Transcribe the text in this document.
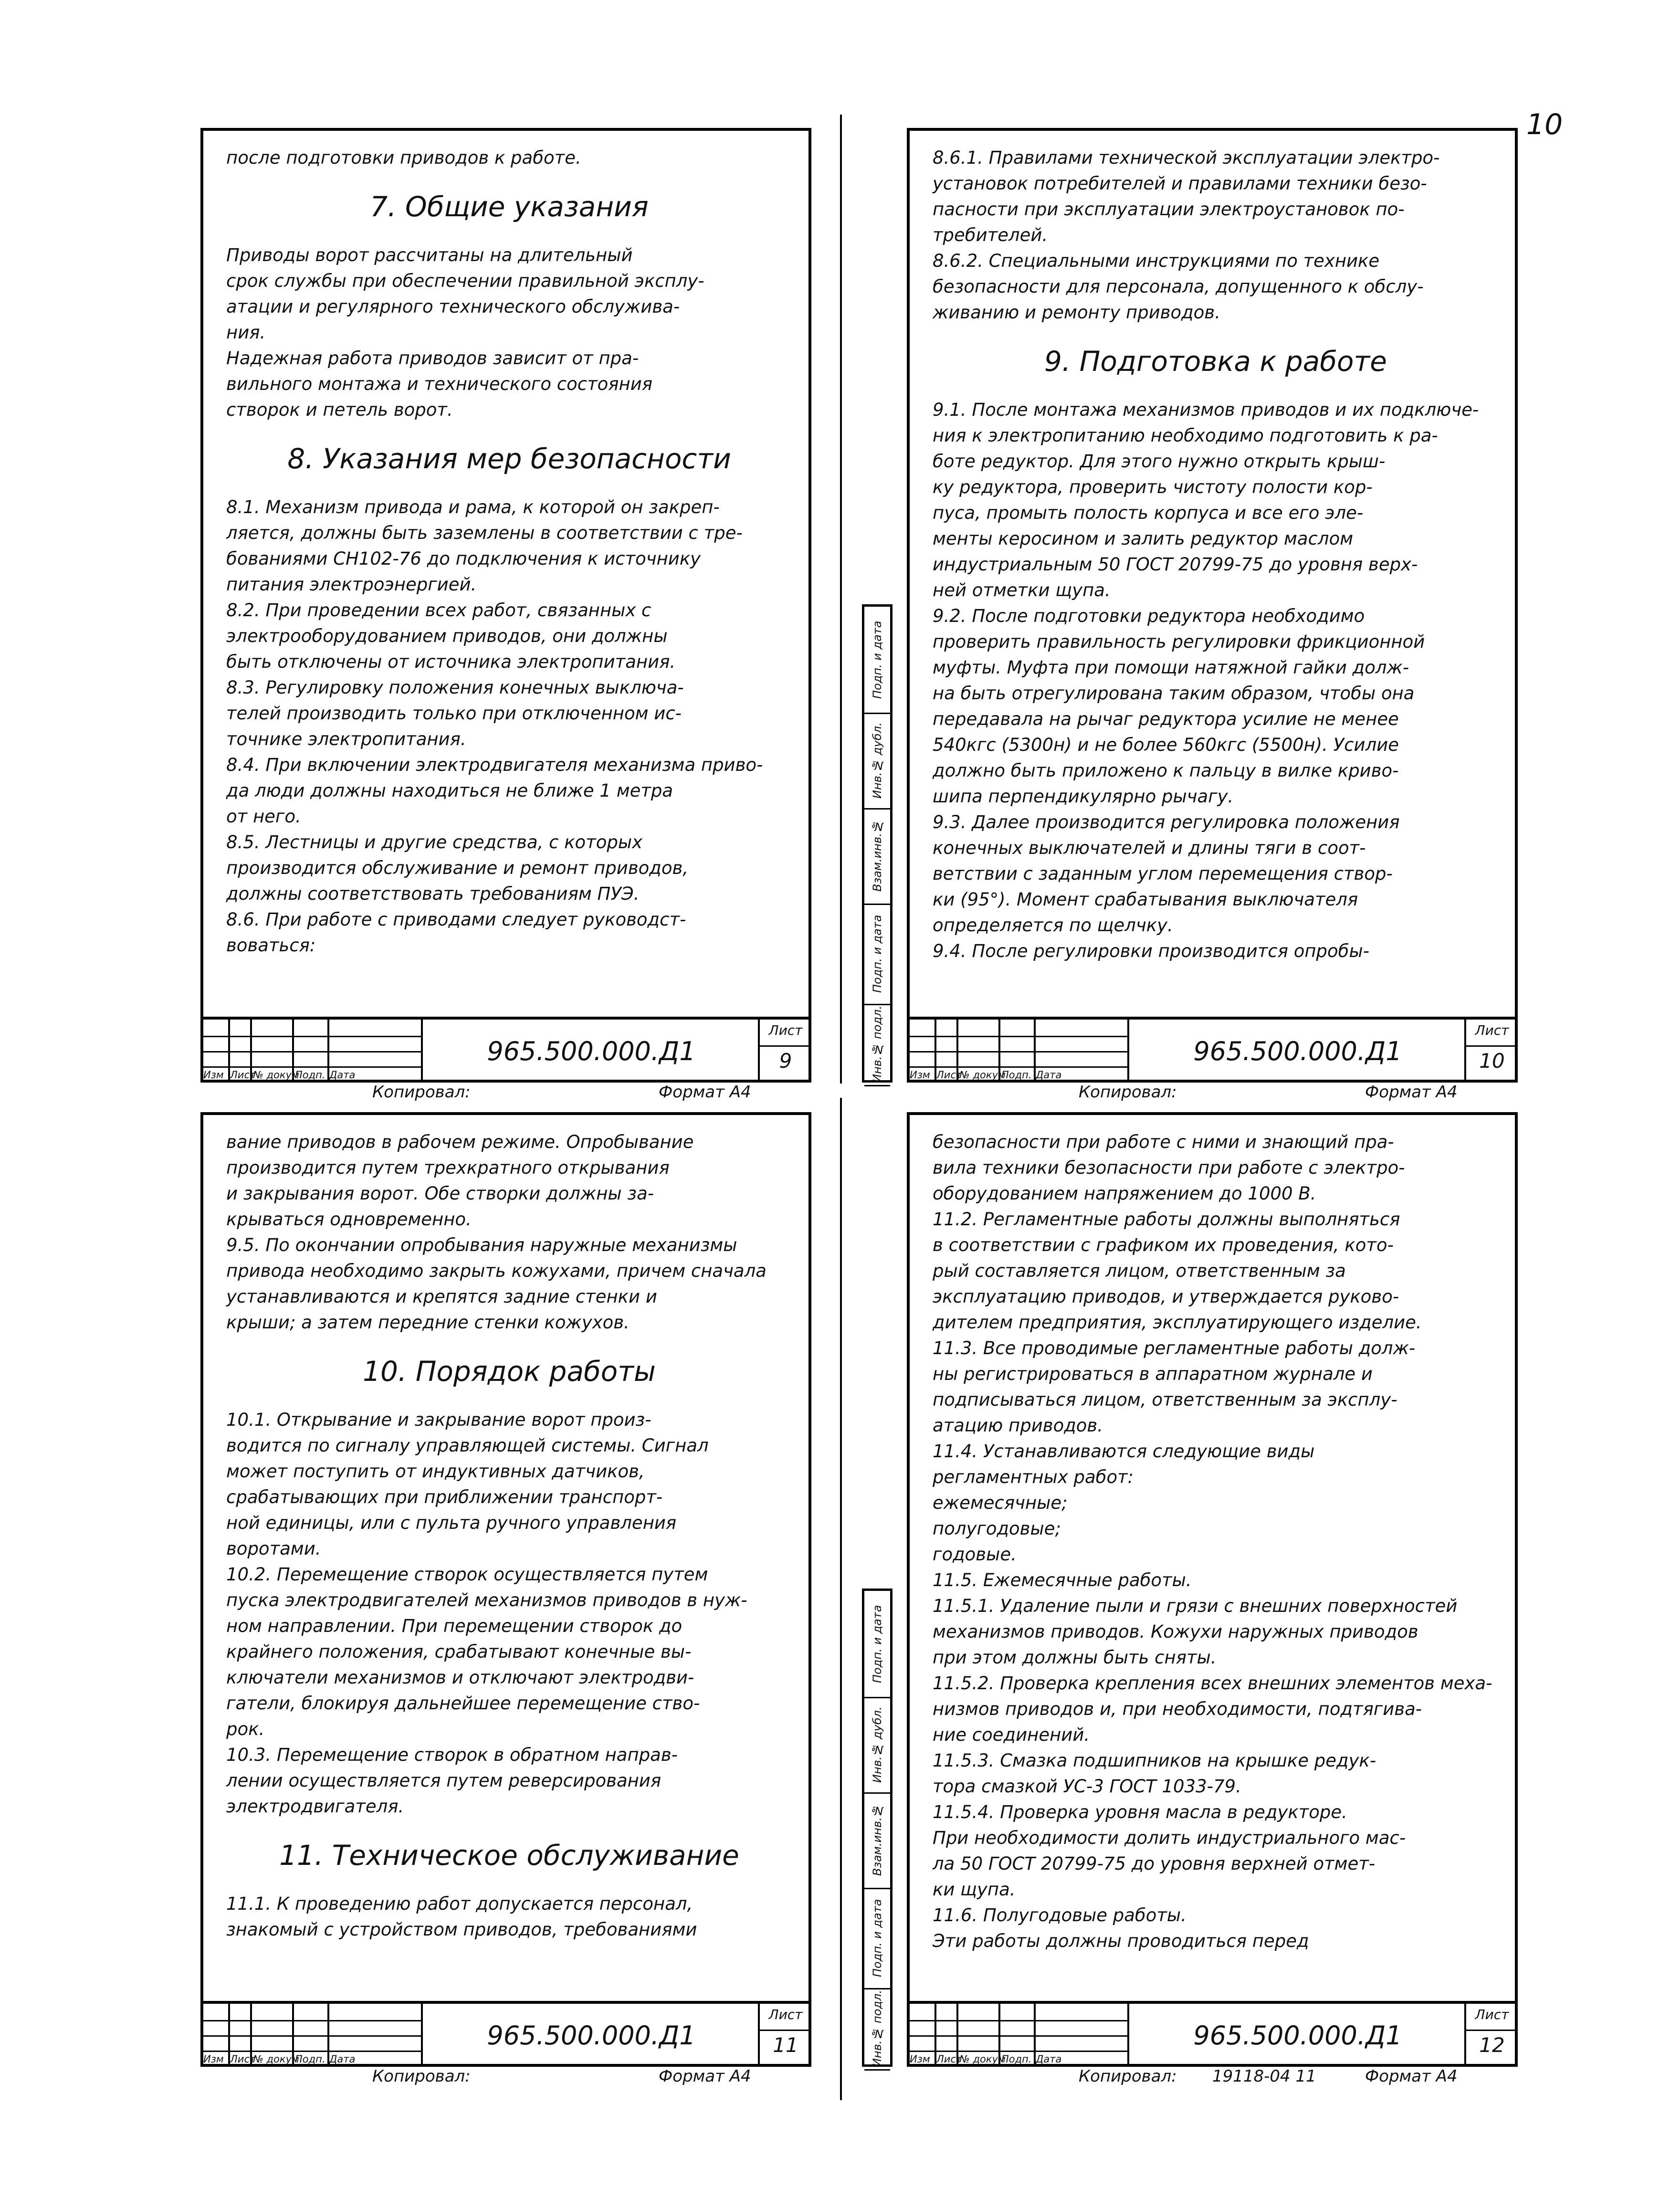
10
после подготовки приводов к работе.
7. Общие указания
Приводы ворот рассчитаны на длительный
срок службы при обеспечении правильной эксплу-
атации и регулярного технического обслужива-
ния.
Надежная работа приводов зависит от пра-
вильного монтажа и технического состояния
створок и петель ворот.
8. Указания мер безопасности
8.1. Механизм привода и рама, к которой он закреп-
ляется, должны быть заземлены в соответствии с тре-
бованиями СН102-76 до подключения к источнику
питания электроэнергией.
8.2. При проведении всех работ, связанных с
электрооборудованием приводов, они должны
быть отключены от источника электропитания.
8.3. Регулировку положения конечных выключа-
телей производить только при отключенном ис-
точнике электропитания.
8.4. При включении электродвигателя механизма приво-
да люди должны находиться не ближе 1 метра
от него.
8.5. Лестницы и другие средства, с которых
производится обслуживание и ремонт приводов,
должны соответствовать требованиям ПУЭ.
8.6. При работе с приводами следует руководст-
воваться:
Изм Лист
№ докум.
Подп. Дата
965.500.000.Д1
Лист
9
Копировал:	Формат А4
8.6.1. Правилами технической эксплуатации электро-
установок потребителей и правилами техники безо-
пасности при эксплуатации электроустановок по-
требителей.
8.6.2. Специальными инструкциями по технике
безопасности для персонала, допущенного к обслу-
живанию и ремонту приводов.
9. Подготовка к работе
9.1. После монтажа механизмов приводов и их подключе-
ния к электропитанию необходимо подготовить к ра-
боте редуктор. Для этого нужно открыть крыш-
ку редуктора, проверить чистоту полости кор-
пуса, промыть полость корпуса и все его эле-
менты керосином и залить редуктор маслом
индустриальным 50 ГОСТ 20799-75 до уровня верх-
ней отметки щупа.
9.2. После подготовки редуктора необходимо
проверить правильность регулировки фрикционной
муфты. Муфта при помощи натяжной гайки долж-
на быть отрегулирована таким образом, чтобы она
передавала на рычаг редуктора усилие не менее
540кгс (5300н) и не более 560кгс (5500н). Усилие
должно быть приложено к пальцу в вилке криво-
шипа перпендикулярно рычагу.
9.3. Далее производится регулировка положения
конечных выключателей и длины тяги в соот-
ветствии с заданным углом перемещения створ-
ки (95°). Момент срабатывания выключателя
определяется по щелчку.
9.4. После регулировки производится опробы-
Изм Лист
№ докум.
Подп. Дата
965.500.000.Д1
Лист
10
Копировал:	Формат А4
вание приводов в рабочем режиме. Опробывание
производится путем трехкратного открывания
и закрывания ворот. Обе створки должны за-
крываться одновременно.
9.5. По окончании опробывания наружные механизмы
привода необходимо закрыть кожухами, причем сначала
устанавливаются и крепятся задние стенки и
крыши; а затем передние стенки кожухов.
10. Порядок работы
10.1. Открывание и закрывание ворот произ-
водится по сигналу управляющей системы. Сигнал
может поступить от индуктивных датчиков,
срабатывающих при приближении транспорт-
ной единицы, или с пульта ручного управления
воротами.
10.2. Перемещение створок осуществляется путем
пуска электродвигателей механизмов приводов в нуж-
ном направлении. При перемещении створок до
крайнего положения, срабатывают конечные вы-
ключатели механизмов и отключают электродви-
гатели, блокируя дальнейшее перемещение ство-
рок.
10.3. Перемещение створок в обратном направ-
лении осуществляется путем реверсирования
электродвигателя.
11. Техническое обслуживание
11.1. К проведению работ допускается персонал,
знакомый с устройством приводов, требованиями
Изм Лист
№ докум.
Подп. Дата
965.500.000.Д1
Лист
11
Копировал:	Формат А4
безопасности при работе с ними и знающий пра-
вила техники безопасности при работе с электро-
оборудованием напряжением до 1000 В.
11.2. Регламентные работы должны выполняться
в соответствии с графиком их проведения, кото-
рый составляется лицом, ответственным за
эксплуатацию приводов, и утверждается руково-
дителем предприятия, эксплуатирующего изделие.
11.3. Все проводимые регламентные работы долж-
ны регистрироваться в аппаратном журнале и
подписываться лицом, ответственным за эксплу-
атацию приводов.
11.4. Устанавливаются следующие виды
регламентных работ:
ежемесячные;
полугодовые;
годовые.
11.5. Ежемесячные работы.
11.5.1. Удаление пыли и грязи с внешних поверхностей
механизмов приводов. Кожухи наружных приводов
при этом должны быть сняты.
11.5.2. Проверка крепления всех внешних элементов меха-
низмов приводов и, при необходимости, подтягива-
ние соединений.
11.5.3. Смазка подшипников на крышке редук-
тора смазкой УС-3 ГОСТ 1033-79.
11.5.4. Проверка уровня масла в редукторе.
При необходимости долить индустриального мас-
ла 50 ГОСТ 20799-75 до уровня верхней отмет-
ки щупа.
11.6. Полугодовые работы.
Эти работы должны проводиться перед
Изм Лист
№ докум.
Подп. Дата
965.500.000.Д1
Лист
12
Копировал: 19118-04 11	Формат А4
Инв.№ подл.
Подп. и дата
Взам.инв.№
Инв.№ дубл.
Подп. и дата
Инв.№ подл.
Подп. и дата
Взам.инв.№
Инв.№ дубл.
Подп. и дата
